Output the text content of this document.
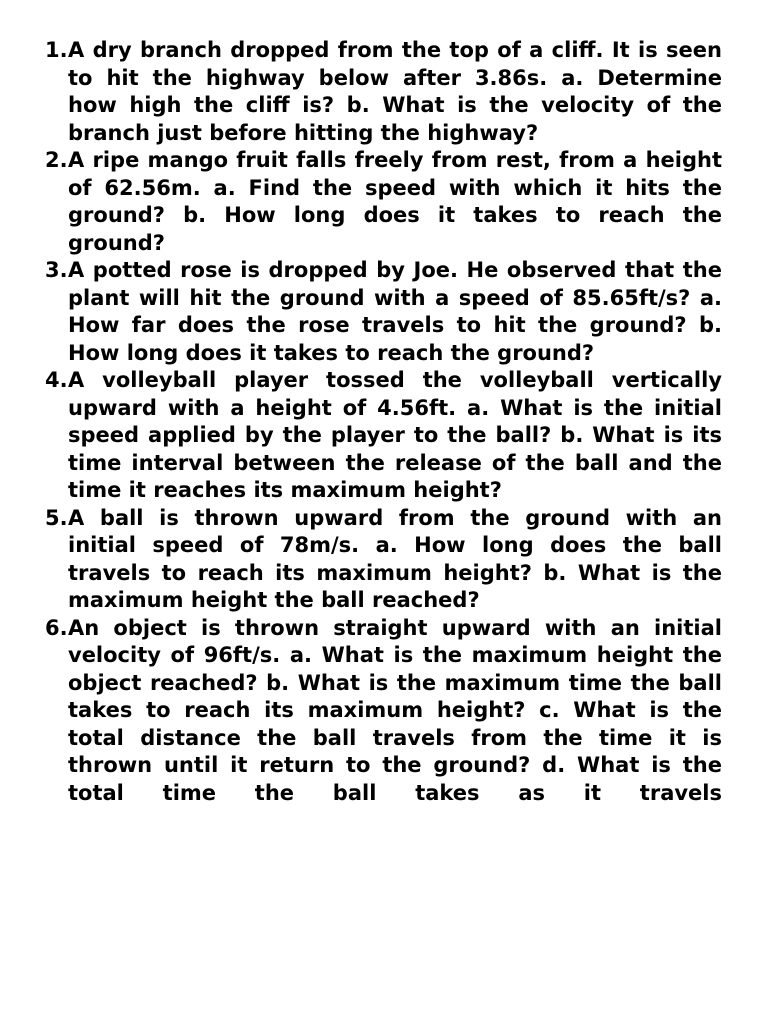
1. A dry branch dropped from the top of a cliff. It is seen to hit the highway below after 3.86s. a. Determine how high the cliff is? b. What is the velocity of the branch just before hitting the highway?
2. A ripe mango fruit falls freely from rest, from a height of 62.56m. a. Find the speed with which it hits the ground? b. How long does it takes to reach the ground?
3. A potted rose is dropped by Joe. He observed that the plant will hit the ground with a speed of 85.65ft/s? a. How far does the rose travels to hit the ground? b. How long does it takes to reach the ground?
4. A volleyball player tossed the volleyball vertically upward with a height of 4.56ft. a. What is the initial speed applied by the player to the ball? b. What is its time interval between the release of the ball and the time it reaches its maximum height?
5. A ball is thrown upward from the ground with an initial speed of 78m/s. a. How long does the ball travels to reach its maximum height? b. What is the maximum height the ball reached?
6. An object is thrown straight upward with an initial velocity of 96ft/s. a. What is the maximum height the object reached? b. What is the maximum time the ball takes to reach its maximum height? c. What is the total distance the ball travels from the time it is thrown until it return to the ground? d. What is the total time the ball takes as it travels
